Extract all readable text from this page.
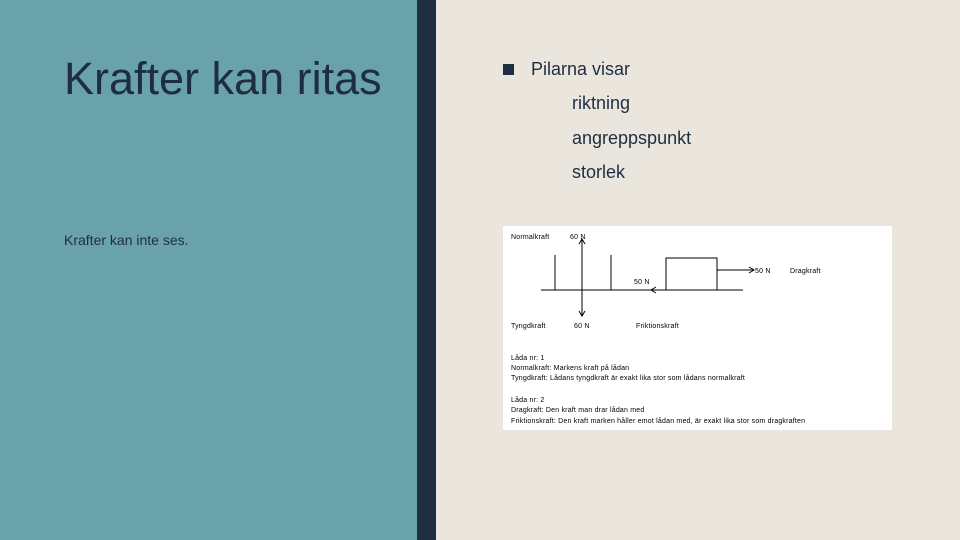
Krafter kan ritas

Krafter kan inte ses.

Pilarna visar
riktning
angreppspunkt
storlek
Normalkraft	60 N
50 N	Dragkraft
50 N
Tyngdkraft	60 N	Friktionskraft
Låda nr: 1
Normalkraft: Markens kraft på lådan
Tyngdkraft: Lådans tyngdkraft är exakt lika stor som lådans normalkraft
Låda nr: 2
Dragkraft: Den kraft man drar lådan med
Friktionskraft: Den kraft marken håller emot lådan med, är exakt lika stor som dragkraften
